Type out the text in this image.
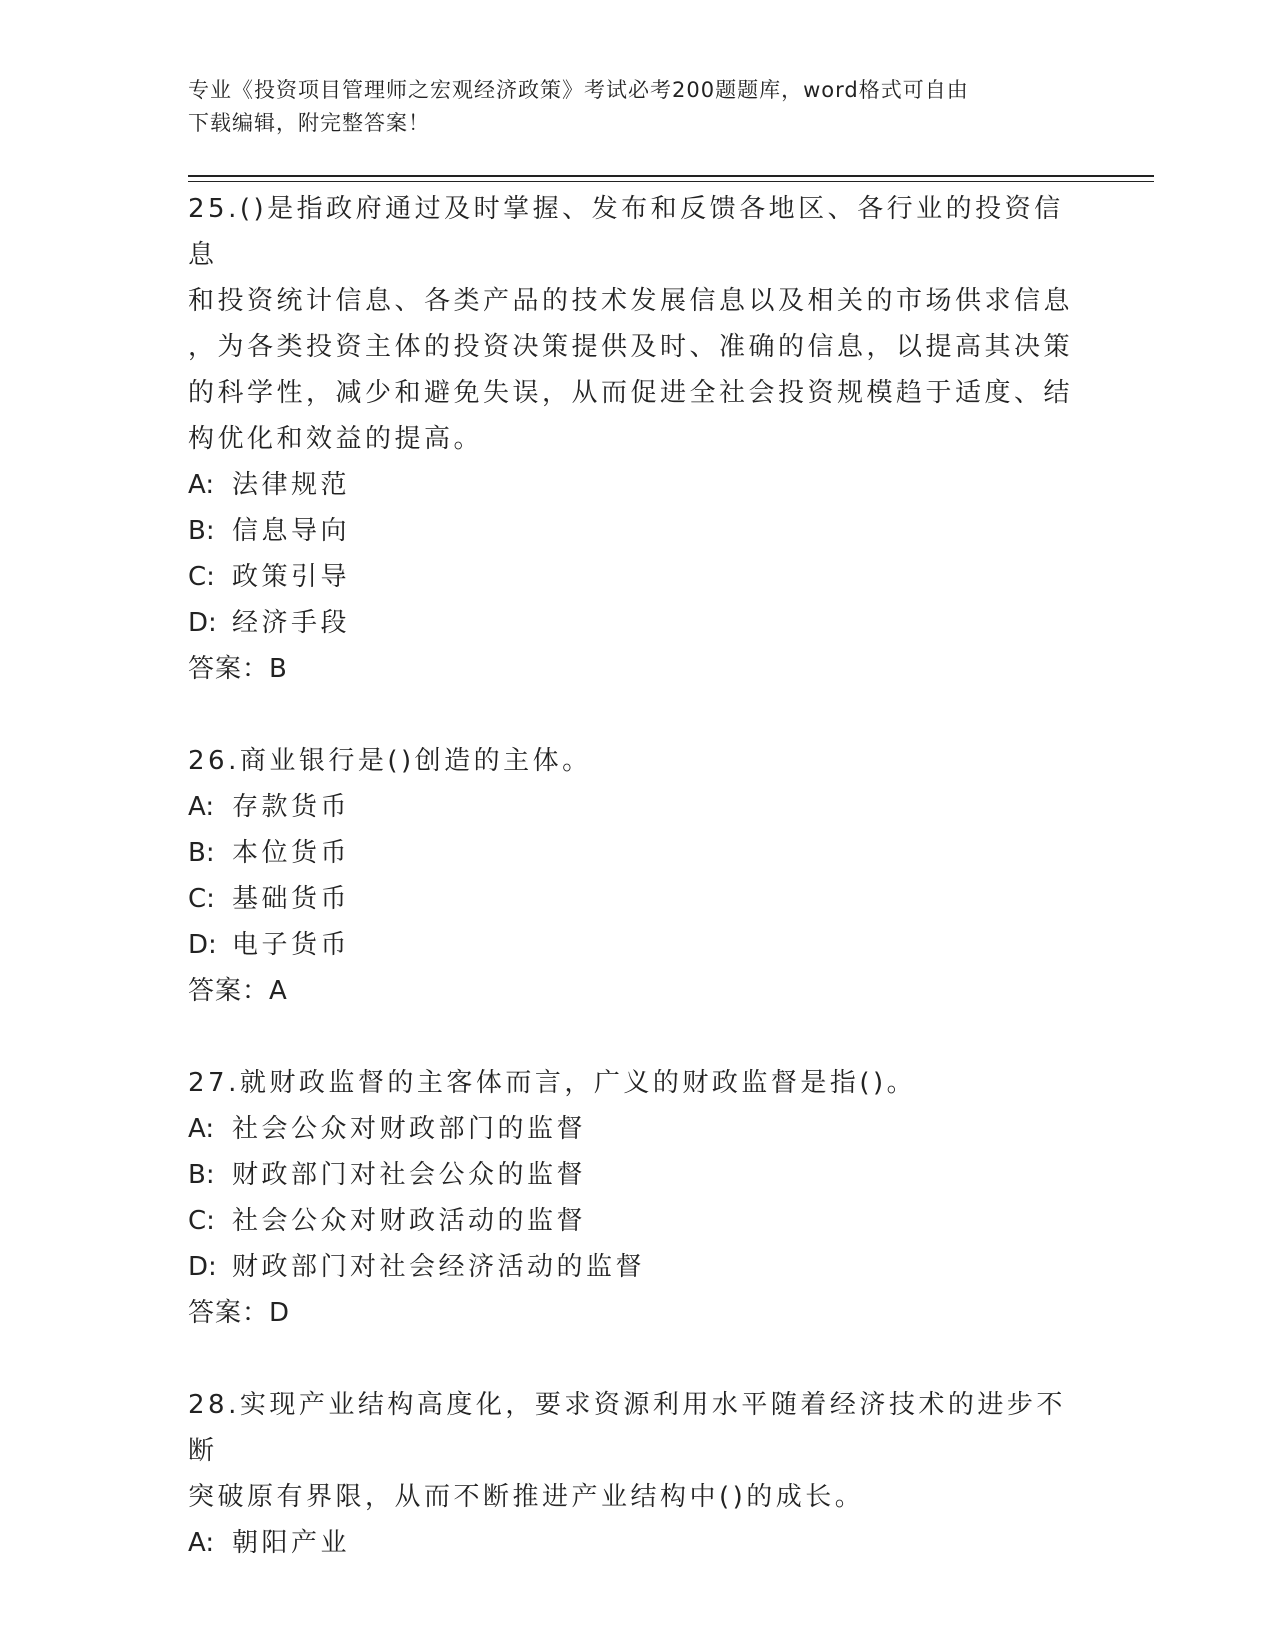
专业《投资项目管理师之宏观经济政策》考试必考200题题库，word格式可自由
下载编辑，附完整答案！
25.()是指政府通过及时掌握、发布和反馈各地区、各行业的投资信息
和投资统计信息、各类产品的技术发展信息以及相关的市场供求信息
，为各类投资主体的投资决策提供及时、准确的信息，以提高其决策
的科学性，减少和避免失误，从而促进全社会投资规模趋于适度、结
构优化和效益的提高。
A: 法律规范
B: 信息导向
C: 政策引导
D: 经济手段
答案：B
26.商业银行是()创造的主体。
A: 存款货币
B: 本位货币
C: 基础货币
D: 电子货币
答案：A
27.就财政监督的主客体而言，广义的财政监督是指()。
A: 社会公众对财政部门的监督
B: 财政部门对社会公众的监督
C: 社会公众对财政活动的监督
D: 财政部门对社会经济活动的监督
答案：D
28.实现产业结构高度化，要求资源利用水平随着经济技术的进步不断
突破原有界限，从而不断推进产业结构中()的成长。
A: 朝阳产业
